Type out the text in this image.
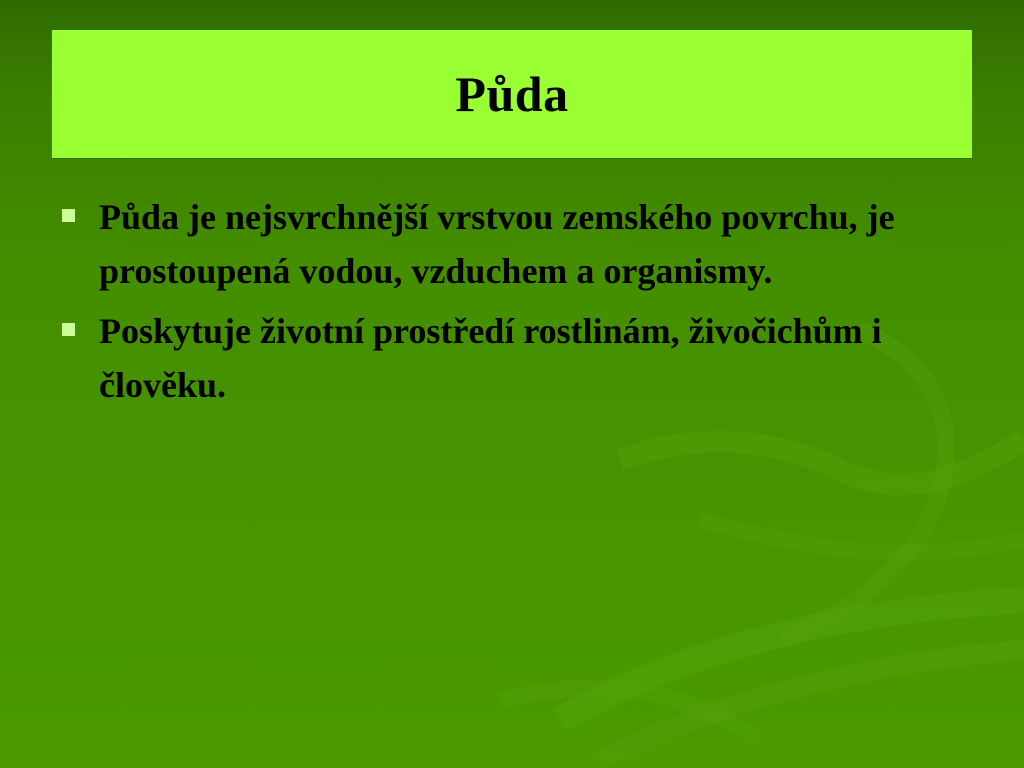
Půda
Půda je nejsvrchnější vrstvou zemského povrchu, je prostoupená vodou, vzduchem a organismy.
Poskytuje životní prostředí rostlinám, živočichům i člověku.
